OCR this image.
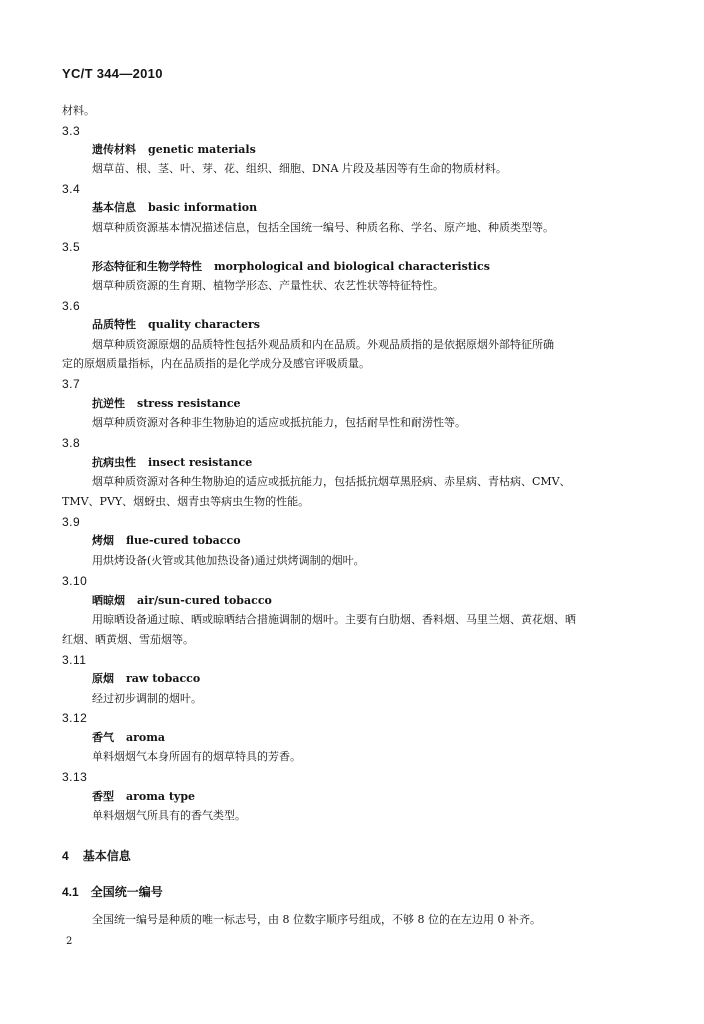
YC/T 344—2010
材料。
3.3
遗传材料 genetic materials
烟草苗、根、茎、叶、芽、花、组织、细胞、DNA 片段及基因等有生命的物质材料。
3.4
基本信息 basic information
烟草种质资源基本情况描述信息，包括全国统一编号、种质名称、学名、原产地、种质类型等。
3.5
形态特征和生物学特性 morphological and biological characteristics
烟草种质资源的生育期、植物学形态、产量性状、农艺性状等特征特性。
3.6
品质特性 quality characters
烟草种质资源原烟的品质特性包括外观品质和内在品质。外观品质指的是依据原烟外部特征所确
定的原烟质量指标，内在品质指的是化学成分及感官评吸质量。
3.7
抗逆性 stress resistance
烟草种质资源对各种非生物胁迫的适应或抵抗能力，包括耐旱性和耐涝性等。
3.8
抗病虫性 insect resistance
烟草种质资源对各种生物胁迫的适应或抵抗能力，包括抵抗烟草黑胫病、赤星病、青枯病、CMV、
TMV、PVY、烟蚜虫、烟青虫等病虫生物的性能。
3.9
烤烟 flue-cured tobacco
用烘烤设备(火管或其他加热设备)通过烘烤调制的烟叶。
3.10
晒晾烟 air/sun-cured tobacco
用晾晒设备通过晾、晒或晾晒结合措施调制的烟叶。主要有白肋烟、香料烟、马里兰烟、黄花烟、晒
红烟、晒黄烟、雪茄烟等。
3.11
原烟 raw tobacco
经过初步调制的烟叶。
3.12
香气 aroma
单料烟烟气本身所固有的烟草特具的芳香。
3.13
香型 aroma type
单料烟烟气所具有的香气类型。
4 基本信息
4.1 全国统一编号
全国统一编号是种质的唯一标志号，由 8 位数字顺序号组成，不够 8 位的在左边用 0 补齐。
2
